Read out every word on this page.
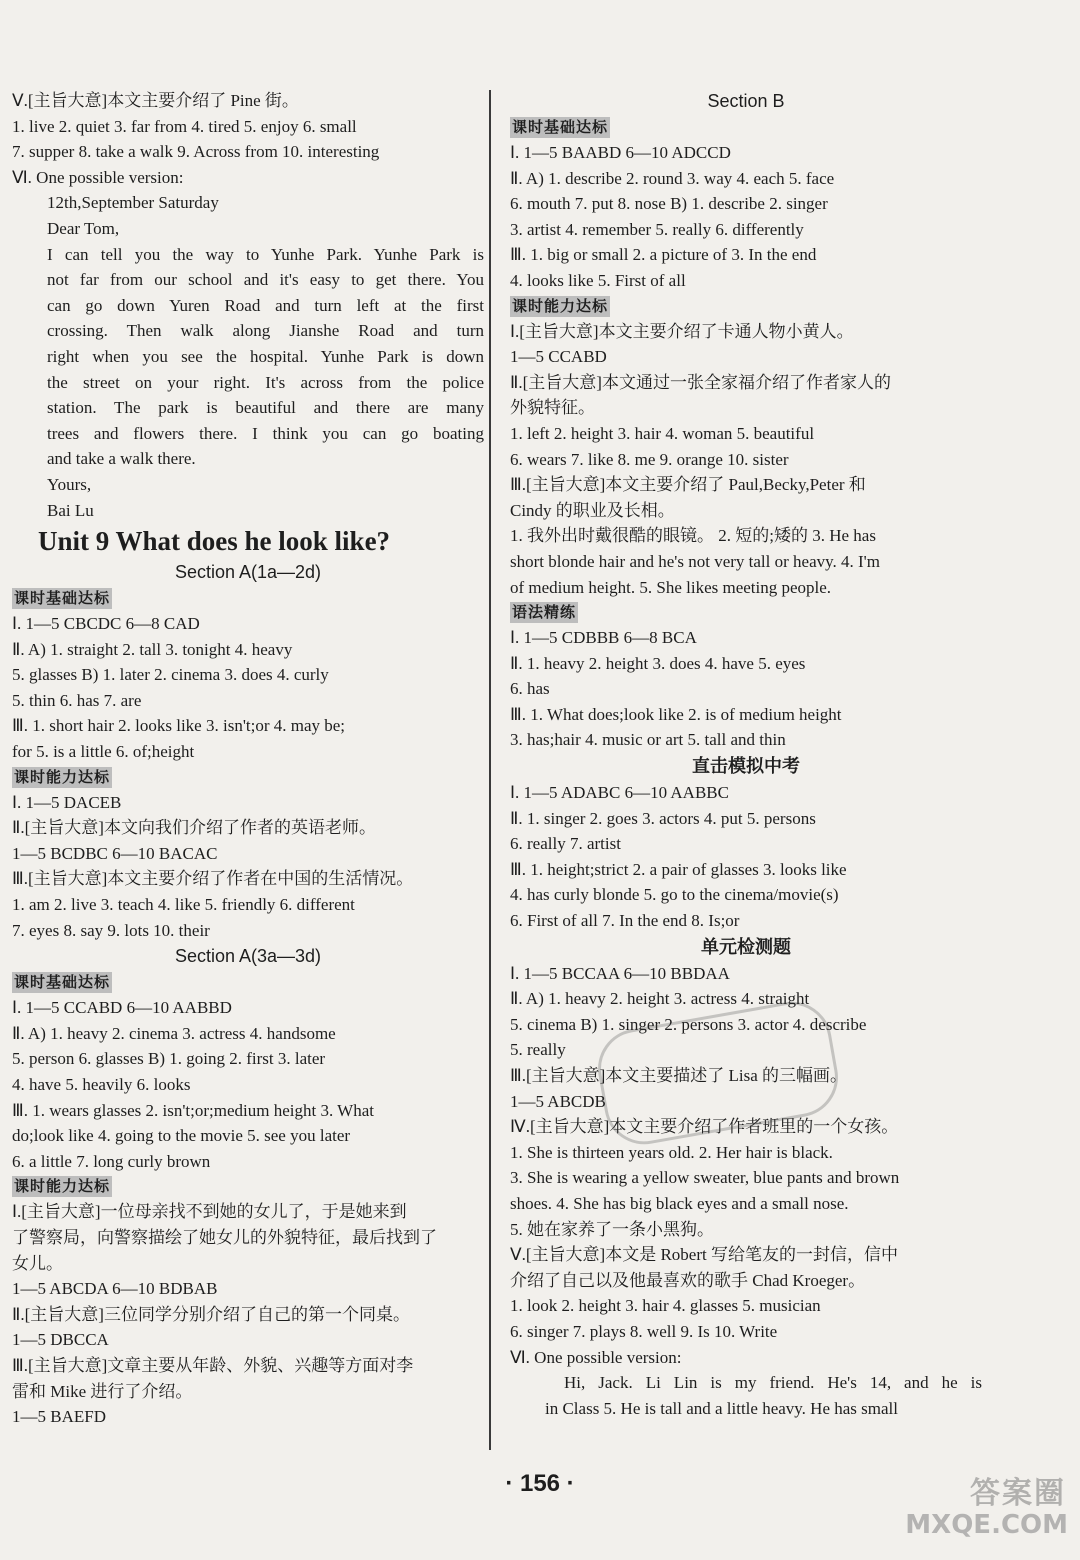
Ⅴ.[主旨大意]本文主要介绍了 Pine 街。
1. live 2. quiet 3. far from 4. tired 5. enjoy 6. small
7. supper 8. take a walk 9. Across from 10. interesting
Ⅵ. One possible version:
12th,September Saturday
Dear Tom,
I can tell you the way to Yunhe Park. Yunhe Park is
not far from our school and it's easy to get there. You
can go down Yuren Road and turn left at the first
crossing. Then walk along Jianshe Road and turn
right when you see the hospital. Yunhe Park is down
the street on your right. It's across from the police
station. The park is beautiful and there are many
trees and flowers there. I think you can go boating
and take a walk there.
Yours,
Bai Lu
Unit 9 What does he look like?
Section A(1a—2d)
课时基础达标
Ⅰ. 1—5 CBCDC 6—8 CAD
Ⅱ. A) 1. straight 2. tall 3. tonight 4. heavy
5. glasses B) 1. later 2. cinema 3. does 4. curly
5. thin 6. has 7. are
Ⅲ. 1. short hair 2. looks like 3. isn't;or 4. may be;
for 5. is a little 6. of;height
课时能力达标
Ⅰ. 1—5 DACEB
Ⅱ.[主旨大意]本文向我们介绍了作者的英语老师。
1—5 BCDBC 6—10 BACAC
Ⅲ.[主旨大意]本文主要介绍了作者在中国的生活情况。
1. am 2. live 3. teach 4. like 5. friendly 6. different
7. eyes 8. say 9. lots 10. their
Section A(3a—3d)
课时基础达标
Ⅰ. 1—5 CCABD 6—10 AABBD
Ⅱ. A) 1. heavy 2. cinema 3. actress 4. handsome
5. person 6. glasses B) 1. going 2. first 3. later
4. have 5. heavily 6. looks
Ⅲ. 1. wears glasses 2. isn't;or;medium height 3. What
do;look like 4. going to the movie 5. see you later
6. a little 7. long curly brown
课时能力达标
Ⅰ.[主旨大意]一位母亲找不到她的女儿了，于是她来到
了警察局，向警察描绘了她女儿的外貌特征，最后找到了
女儿。
1—5 ABCDA 6—10 BDBAB
Ⅱ.[主旨大意]三位同学分别介绍了自己的第一个同桌。
1—5 DBCCA
Ⅲ.[主旨大意]文章主要从年龄、外貌、兴趣等方面对李
雷和 Mike 进行了介绍。
1—5 BAEFD
Section B
课时基础达标
Ⅰ. 1—5 BAABD 6—10 ADCCD
Ⅱ. A) 1. describe 2. round 3. way 4. each 5. face
6. mouth 7. put 8. nose B) 1. describe 2. singer
3. artist 4. remember 5. really 6. differently
Ⅲ. 1. big or small 2. a picture of 3. In the end
4. looks like 5. First of all
课时能力达标
Ⅰ.[主旨大意]本文主要介绍了卡通人物小黄人。
1—5 CCABD
Ⅱ.[主旨大意]本文通过一张全家福介绍了作者家人的
外貌特征。
1. left 2. height 3. hair 4. woman 5. beautiful
6. wears 7. like 8. me 9. orange 10. sister
Ⅲ.[主旨大意]本文主要介绍了 Paul,Becky,Peter 和
Cindy 的职业及长相。
1. 我外出时戴很酷的眼镜。 2. 短的;矮的 3. He has
short blonde hair and he's not very tall or heavy. 4. I'm
of medium height. 5. She likes meeting people.
语法精练
Ⅰ. 1—5 CDBBB 6—8 BCA
Ⅱ. 1. heavy 2. height 3. does 4. have 5. eyes
6. has
Ⅲ. 1. What does;look like 2. is of medium height
3. has;hair 4. music or art 5. tall and thin
直击模拟中考
Ⅰ. 1—5 ADABC 6—10 AABBC
Ⅱ. 1. singer 2. goes 3. actors 4. put 5. persons
6. really 7. artist
Ⅲ. 1. height;strict 2. a pair of glasses 3. looks like
4. has curly blonde 5. go to the cinema/movie(s)
6. First of all 7. In the end 8. Is;or
单元检测题
Ⅰ. 1—5 BCCAA 6—10 BBDAA
Ⅱ. A) 1. heavy 2. height 3. actress 4. straight
5. cinema B) 1. singer 2. persons 3. actor 4. describe
5. really
Ⅲ.[主旨大意]本文主要描述了 Lisa 的三幅画。
1—5 ABCDB
Ⅳ.[主旨大意]本文主要介绍了作者班里的一个女孩。
1. She is thirteen years old. 2. Her hair is black.
3. She is wearing a yellow sweater, blue pants and brown
shoes. 4. She has big black eyes and a small nose.
5. 她在家养了一条小黑狗。
Ⅴ.[主旨大意]本文是 Robert 写给笔友的一封信，信中
介绍了自己以及他最喜欢的歌手 Chad Kroeger。
1. look 2. height 3. hair 4. glasses 5. musician
6. singer 7. plays 8. well 9. Is 10. Write
Ⅵ. One possible version:
Hi, Jack. Li Lin is my friend. He's 14, and he is
in Class 5. He is tall and a little heavy. He has small
· 156 ·	答案圈
MXQE.COM
